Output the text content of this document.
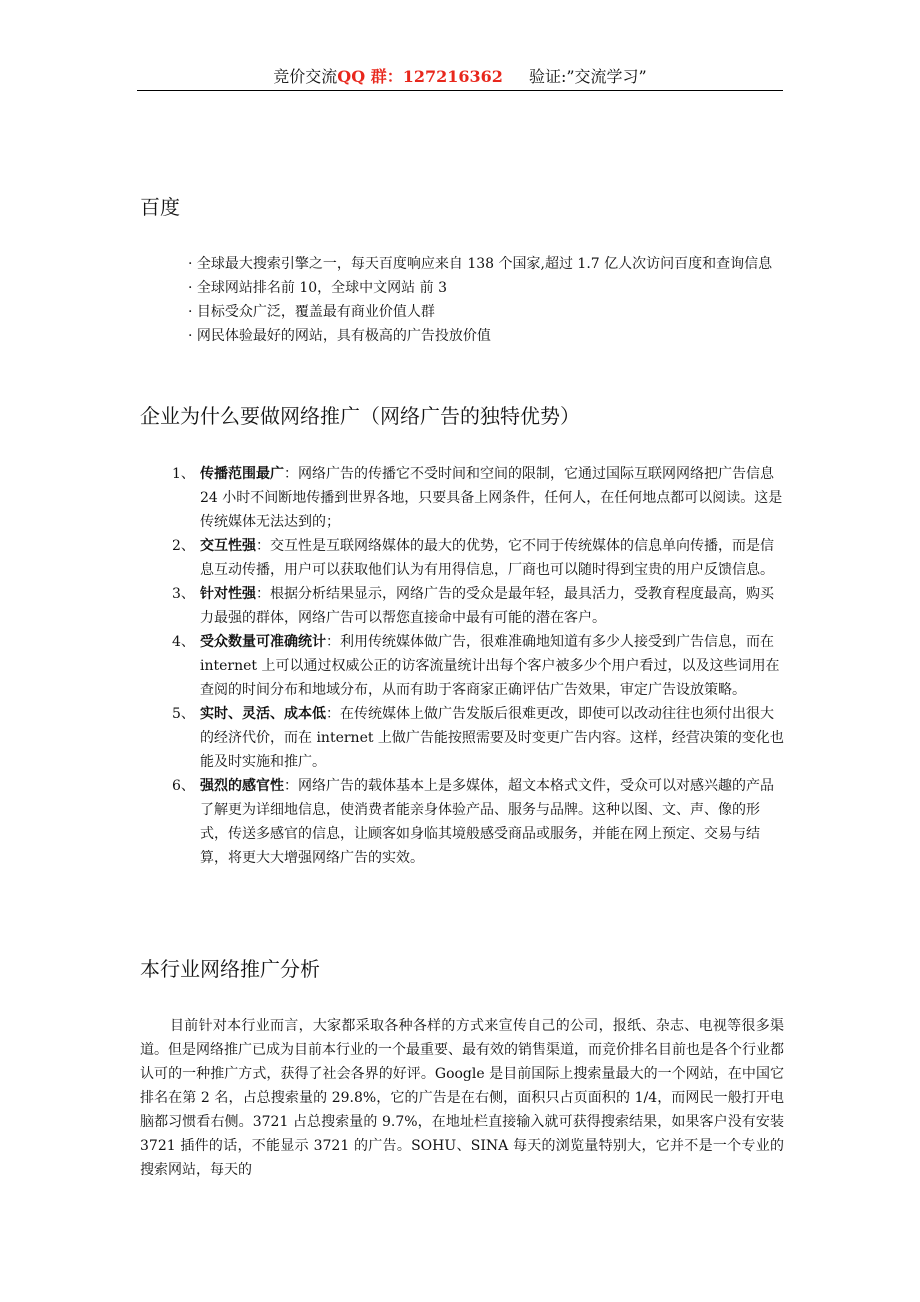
竞价交流QQ 群：127216362 验证:”交流学习”
百度

· 全球最大搜索引擎之一，每天百度响应来自 138 个国家,超过 1.7 亿人次访问百度和查询信息

· 全球网站排名前 10，全球中文网站 前 3

· 目标受众广泛，覆盖最有商业价值人群

· 网民体验最好的网站，具有极高的广告投放价值

企业为什么要做网络推广（网络广告的独特优势）

1、 传播范围最广：网络广告的传播它不受时间和空间的限制，它通过国际互联网网络把广告信息 24 小时不间断地传播到世界各地，只要具备上网条件，任何人，在任何地点都可以阅读。这是传统媒体无法达到的；

2、 交互性强：交互性是互联网络媒体的最大的优势，它不同于传统媒体的信息单向传播，而是信息互动传播，用户可以获取他们认为有用得信息，厂商也可以随时得到宝贵的用户反馈信息。

3、 针对性强：根据分析结果显示，网络广告的受众是最年轻，最具活力，受教育程度最高，购买力最强的群体，网络广告可以帮您直接命中最有可能的潜在客户。

4、 受众数量可准确统计：利用传统媒体做广告，很难准确地知道有多少人接受到广告信息，而在 internet 上可以通过权威公正的访客流量统计出每个客户被多少个用户看过，以及这些词用在查阅的时间分布和地域分布，从而有助于客商家正确评估广告效果，审定广告设放策略。

5、 实时、灵活、成本低：在传统媒体上做广告发版后很难更改，即使可以改动往往也须付出很大的经济代价，而在 internet 上做广告能按照需要及时变更广告内容。这样，经营决策的变化也能及时实施和推广。

6、 强烈的感官性：网络广告的载体基本上是多媒体，超文本格式文件，受众可以对感兴趣的产品了解更为详细地信息，使消费者能亲身体验产品、服务与品牌。这种以图、文、声、像的形式，传送多感官的信息，让顾客如身临其境般感受商品或服务，并能在网上预定、交易与结算，将更大大增强网络广告的实效。

本行业网络推广分析

目前针对本行业而言，大家都采取各种各样的方式来宣传自己的公司，报纸、杂志、电视等很多渠道。但是网络推广已成为目前本行业的一个最重要、最有效的销售渠道，而竞价排名目前也是各个行业都认可的一种推广方式，获得了社会各界的好评。Google 是目前国际上搜索量最大的一个网站，在中国它排名在第 2 名，占总搜索量的 29.8%，它的广告是在右侧，面积只占页面积的 1/4，而网民一般打开电脑都习惯看右侧。3721 占总搜索量的 9.7%，在地址栏直接输入就可获得搜索结果，如果客户没有安装 3721 插件的话，不能显示 3721 的广告。SOHU、SINA 每天的浏览量特别大，它并不是一个专业的搜索网站，每天的
